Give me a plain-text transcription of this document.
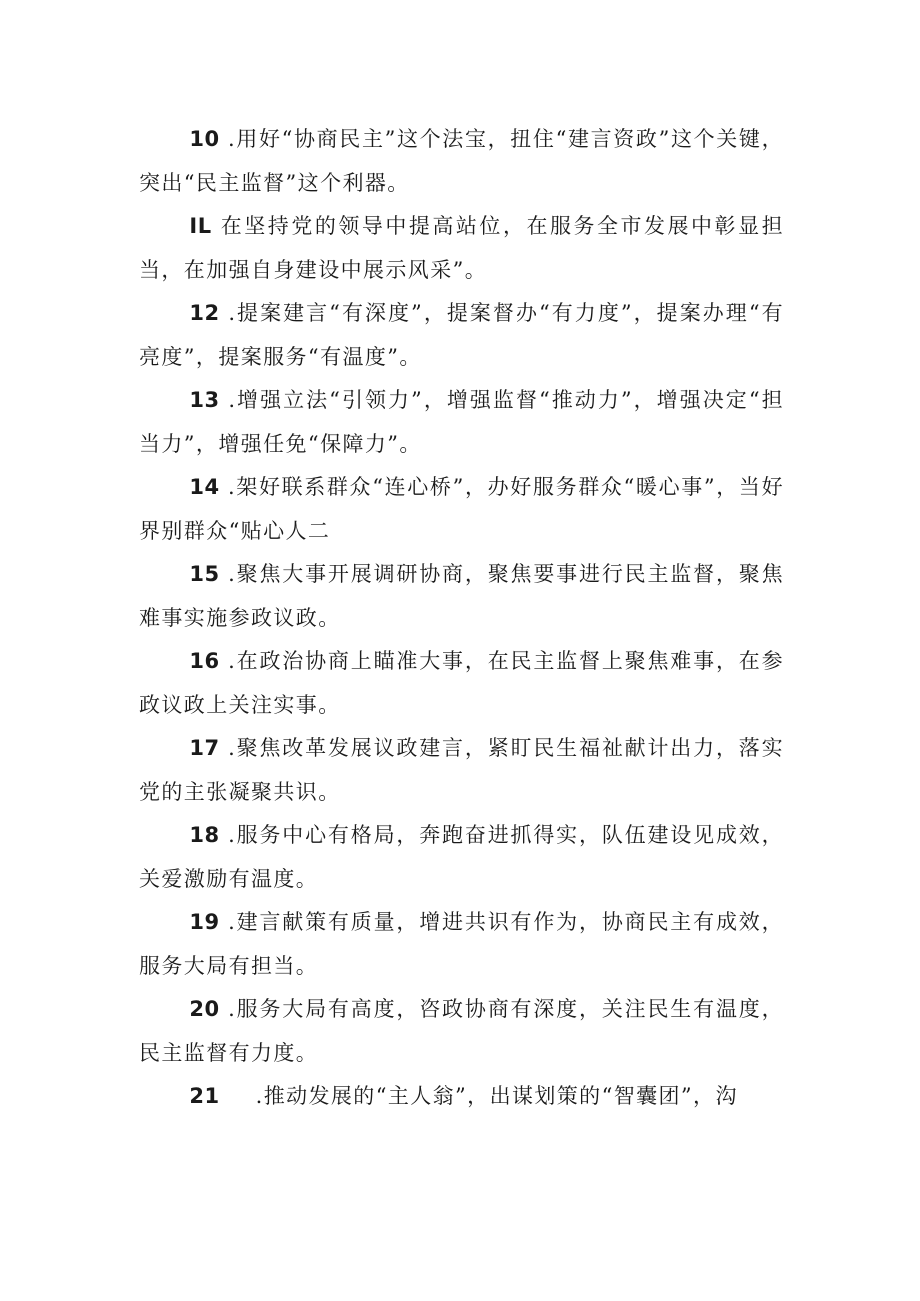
10 .用好“协商民主”这个法宝，扭住“建言资政”这个关键，突出“民主监督”这个利器。

IL 在坚持党的领导中提高站位，在服务全市发展中彰显担当，在加强自身建设中展示风采”。

12 .提案建言“有深度”，提案督办“有力度”，提案办理“有亮度”，提案服务“有温度”。

13 .增强立法“引领力”，增强监督“推动力”，增强决定“担当力”，增强任免“保障力”。

14 .架好联系群众“连心桥”，办好服务群众“暖心事”，当好界别群众“贴心人二

15 .聚焦大事开展调研协商，聚焦要事进行民主监督，聚焦难事实施参政议政。

16 .在政治协商上瞄准大事，在民主监督上聚焦难事，在参政议政上关注实事。

17 .聚焦改革发展议政建言，紧盯民生福祉献计出力，落实党的主张凝聚共识。

18 .服务中心有格局，奔跑奋进抓得实，队伍建设见成效，关爱激励有温度。

19 .建言献策有质量，增进共识有作为，协商民主有成效，服务大局有担当。

20 .服务大局有高度，咨政协商有深度，关注民生有温度，民主监督有力度。

21 .推动发展的“主人翁”，出谋划策的“智囊团”，沟
